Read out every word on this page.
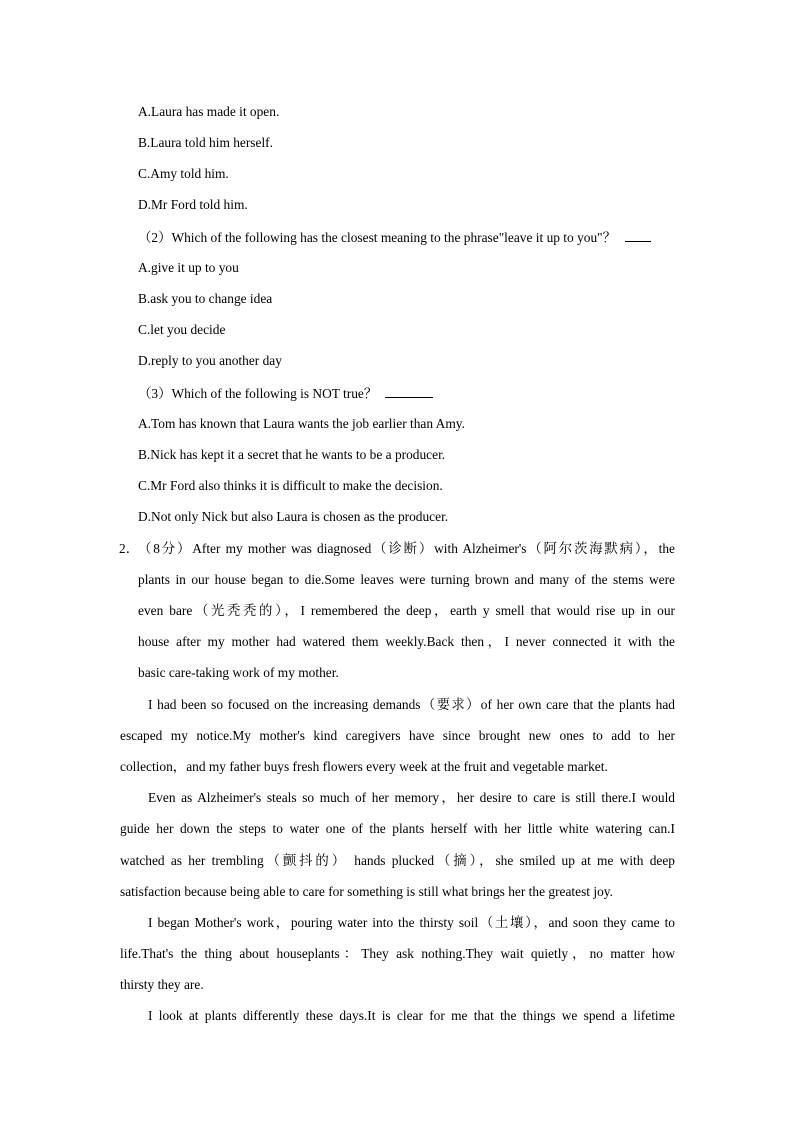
A.Laura has made it open.
B.Laura told him herself.
C.Amy told him.
D.Mr Ford told him.
（2）Which of the following has the closest meaning to the phrase"leave it up to you"？
A.give it up to you
B.ask you to change idea
C.let you decide
D.reply to you another day
（3）Which of the following is NOT true？
A.Tom has known that Laura wants the job earlier than Amy.
B.Nick has kept it a secret that he wants to be a producer.
C.Mr Ford also thinks it is difficult to make the decision.
D.Not only Nick but also Laura is chosen as the producer.
2．
（8分）After my mother was diagnosed（诊断）with Alzheimer's（阿尔茨海默病），the
plants in our house began to die.Some leaves were turning brown and many of the stems were
even bare（光秃秃的），I remembered the deep，earth y smell that would rise up in our
house after my mother had watered them weekly.Back then，I never connected it with the
basic care-taking work of my mother.
I had been so focused on the increasing demands（要求）of her own care that the plants had
escaped my notice.My mother's kind caregivers have since brought new ones to add to her
collection，and my father buys fresh flowers every week at the fruit and vegetable market.
Even as Alzheimer's steals so much of her memory，her desire to care is still there.I would
guide her down the steps to water one of the plants herself with her little white watering can.I
watched as her trembling（颤抖的） hands plucked（摘），she smiled up at me with deep
satisfaction because being able to care for something is still what brings her the greatest joy.
I began Mother's work，pouring water into the thirsty soil（土壤），and soon they came to
life.That's the thing about houseplants：They ask nothing.They wait quietly，no matter how
thirsty they are.
I look at plants differently these days.It is clear for me that the things we spend a lifetime
